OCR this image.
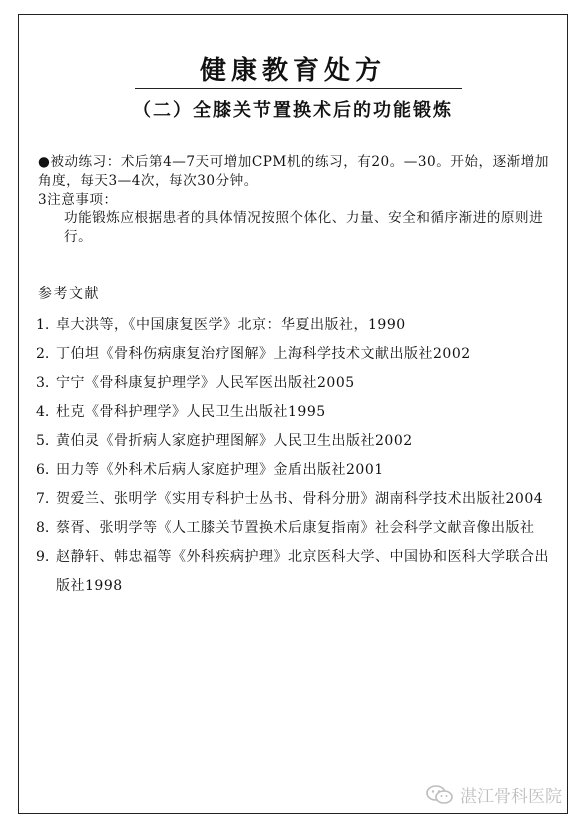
健康教育处方
（二）全膝关节置换术后的功能锻炼
●被动练习：术后第4—7天可增加CPM机的练习，有20。—30。开始，逐渐增加角度，每天3—4次，每次30分钟。
3注意事项：
功能锻炼应根据患者的具体情况按照个体化、力量、安全和循序渐进的原则进行。
参考文献
1. 卓大洪等，《中国康复医学》北京：华夏出版社，1990
2. 丁伯坦《骨科伤病康复治疗图解》上海科学技术文献出版社2002
3. 宁宁《骨科康复护理学》人民军医出版社2005
4. 杜克《骨科护理学》人民卫生出版社1995
5. 黄伯灵《骨折病人家庭护理图解》人民卫生出版社2002
6. 田力等《外科术后病人家庭护理》金盾出版社2001
7. 贺爱兰、张明学《实用专科护士丛书、骨科分册》湖南科学技术出版社2004
8. 蔡胥、张明学等《人工膝关节置换术后康复指南》社会科学文献音像出版社
9. 赵静轩、韩忠福等《外科疾病护理》北京医科大学、中国协和医科大学联合出版社1998
湛江骨科医院
